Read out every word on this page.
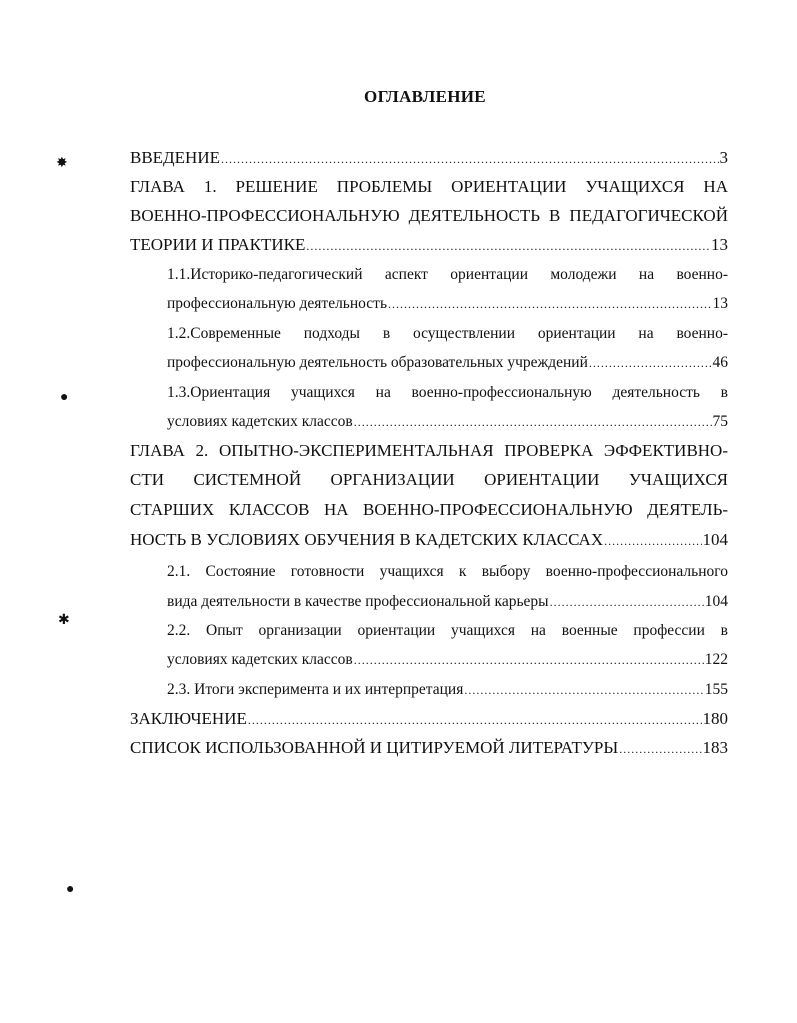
✸
●
✱
●
ОГЛАВЛЕНИЕ
ВВЕДЕНИЕ .....	3
ГЛАВА 1. РЕШЕНИЕ ПРОБЛЕМЫ ОРИЕНТАЦИИ УЧАЩИХСЯ НА
ВОЕННО-ПРОФЕССИОНАЛЬНУЮ ДЕЯТЕЛЬНОСТЬ В ПЕДАГОГИЧЕСКОЙ
ТЕОРИИ И ПРАКТИКЕ .....	13
1.1.Историко-педагогический аспект ориентации молодежи на военно-
профессиональную деятельность .....	13
1.2.Современные подходы в осуществлении ориентации на военно-
профессиональную деятельность образовательных учреждений .....	46
1.3.Ориентация учащихся на военно-профессиональную деятельность в
условиях кадетских классов .....	75
ГЛАВА 2. ОПЫТНО-ЭКСПЕРИМЕНТАЛЬНАЯ ПРОВЕРКА ЭФФЕКТИВНО-
СТИ СИСТЕМНОЙ ОРГАНИЗАЦИИ ОРИЕНТАЦИИ УЧАЩИХСЯ
СТАРШИХ КЛАССОВ НА ВОЕННО-ПРОФЕССИОНАЛЬНУЮ ДЕЯТЕЛЬ-
НОСТЬ В УСЛОВИЯХ ОБУЧЕНИЯ В КАДЕТСКИХ КЛАССАХ .....	104
2.1. Состояние готовности учащихся к выбору военно-профессионального
вида деятельности в качестве профессиональной карьеры .....	104
2.2. Опыт организации ориентации учащихся на военные профессии в
условиях кадетских классов .....	122
2.3. Итоги эксперимента и их интерпретация .....	155
ЗАКЛЮЧЕНИЕ .....	180
СПИСОК ИСПОЛЬЗОВАННОЙ И ЦИТИРУЕМОЙ ЛИТЕРАТУРЫ .....	183
